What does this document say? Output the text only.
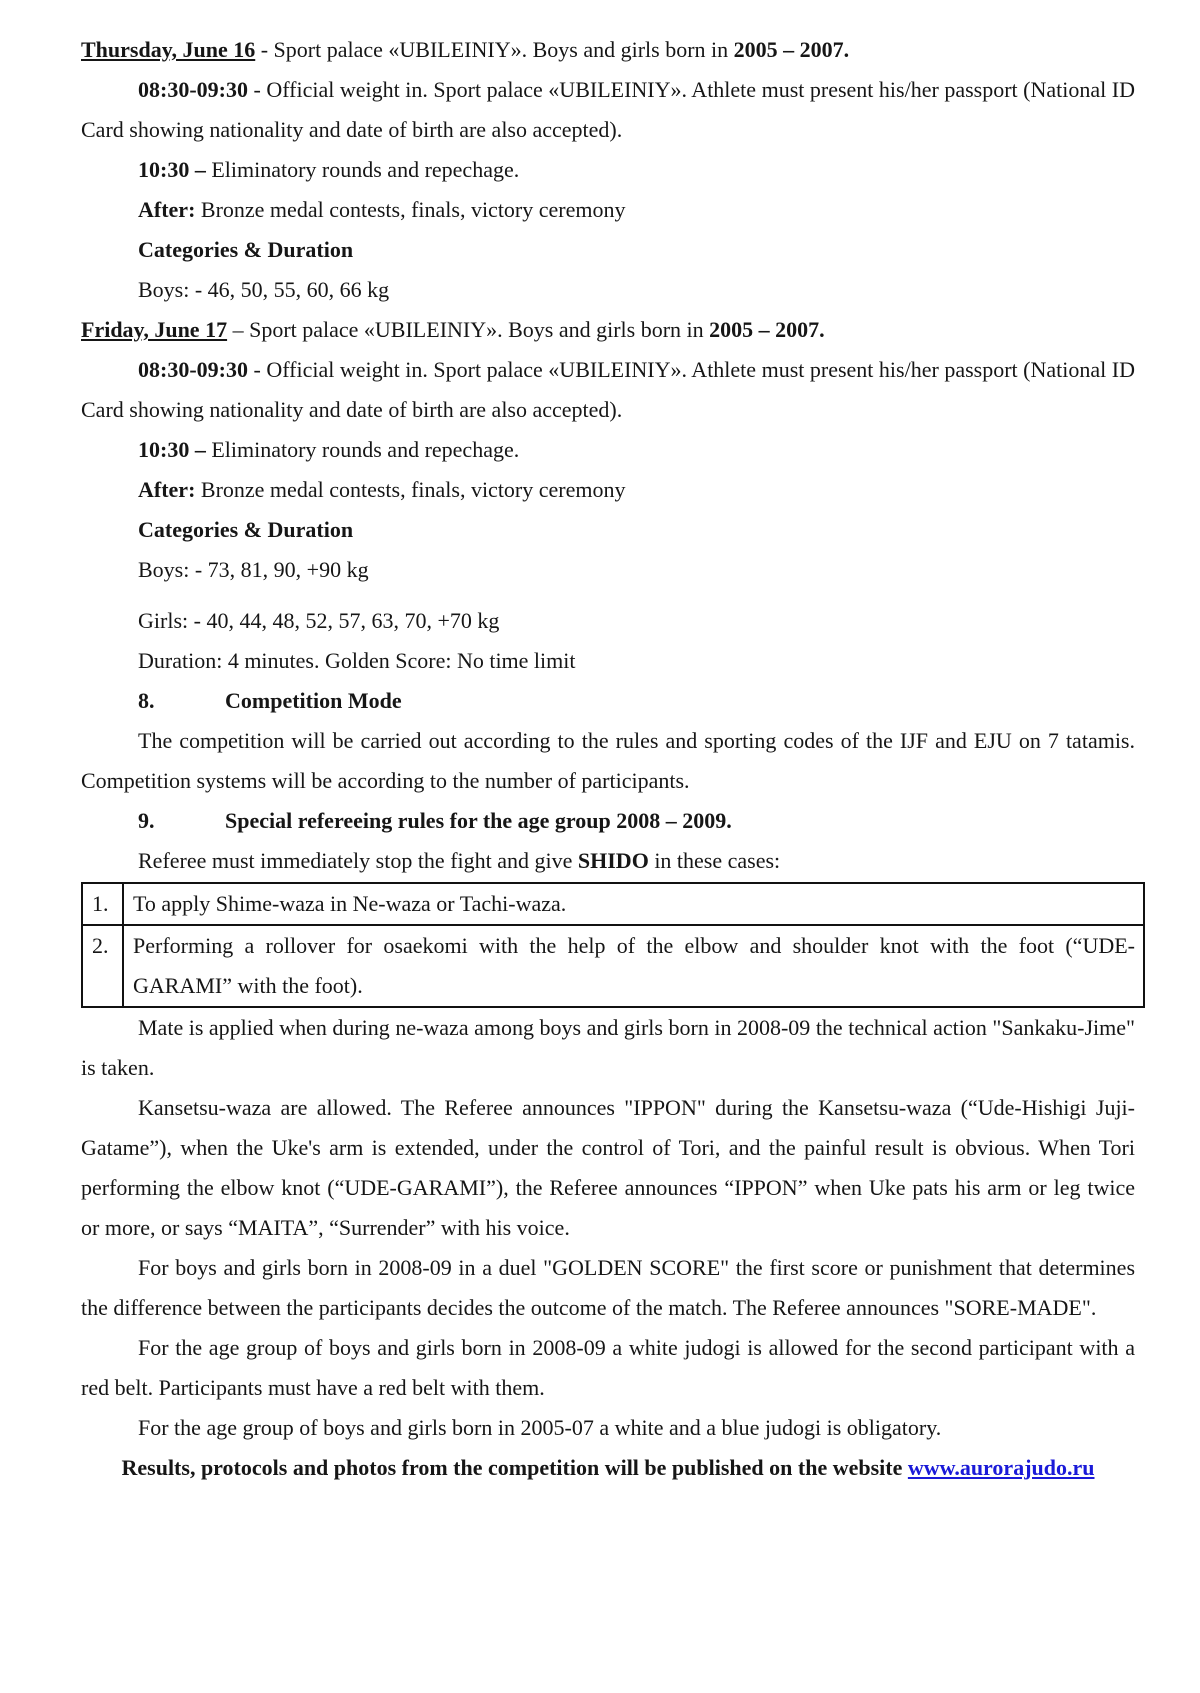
Thursday, June 16 - Sport palace «UBILEINIY». Boys and girls born in 2005 – 2007.

08:30-09:30 - Official weight in. Sport palace «UBILEINIY». Athlete must present his/her passport (National ID Card showing nationality and date of birth are also accepted).

10:30 – Eliminatory rounds and repechage.

After: Bronze medal contests, finals, victory ceremony

Categories & Duration

Boys: - 46, 50, 55, 60, 66 kg

Friday, June 17 – Sport palace «UBILEINIY». Boys and girls born in 2005 – 2007.

08:30-09:30 - Official weight in. Sport palace «UBILEINIY». Athlete must present his/her passport (National ID Card showing nationality and date of birth are also accepted).

10:30 – Eliminatory rounds and repechage.

After: Bronze medal contests, finals, victory ceremony

Categories & Duration

Boys: - 73, 81, 90, +90 kg

Girls: - 40, 44, 48, 52, 57, 63, 70, +70 kg

Duration: 4 minutes. Golden Score: No time limit

8.	Competition Mode

The competition will be carried out according to the rules and sporting codes of the IJF and EJU on 7 tatamis. Competition systems will be according to the number of participants.

9.	Special refereeing rules for the age group 2008 – 2009.

Referee must immediately stop the fight and give SHIDO in these cases:

1.	To apply Shime-waza in Ne-waza or Tachi-waza.
2.	Performing a rollover for osaekomi with the help of the elbow and shoulder knot with the foot (“UDE-GARAMI” with the foot).

Mate is applied when during ne-waza among boys and girls born in 2008-09 the technical action "Sankaku-Jime" is taken.

Kansetsu-waza are allowed. The Referee announces "IPPON" during the Kansetsu-waza (“Ude-Hishigi Juji-Gatame”), when the Uke's arm is extended, under the control of Tori, and the painful result is obvious. When Tori performing the elbow knot (“UDE-GARAMI”), the Referee announces “IPPON” when Uke pats his arm or leg twice or more, or says “MAITA”, “Surrender” with his voice.

For boys and girls born in 2008-09 in a duel "GOLDEN SCORE" the first score or punishment that determines the difference between the participants decides the outcome of the match. The Referee announces "SORE-MADE".

For the age group of boys and girls born in 2008-09 a white judogi is allowed for the second participant with a red belt. Participants must have a red belt with them.

For the age group of boys and girls born in 2005-07 a white and a blue judogi is obligatory.

Results, protocols and photos from the competition will be published on the website www.aurorajudo.ru
